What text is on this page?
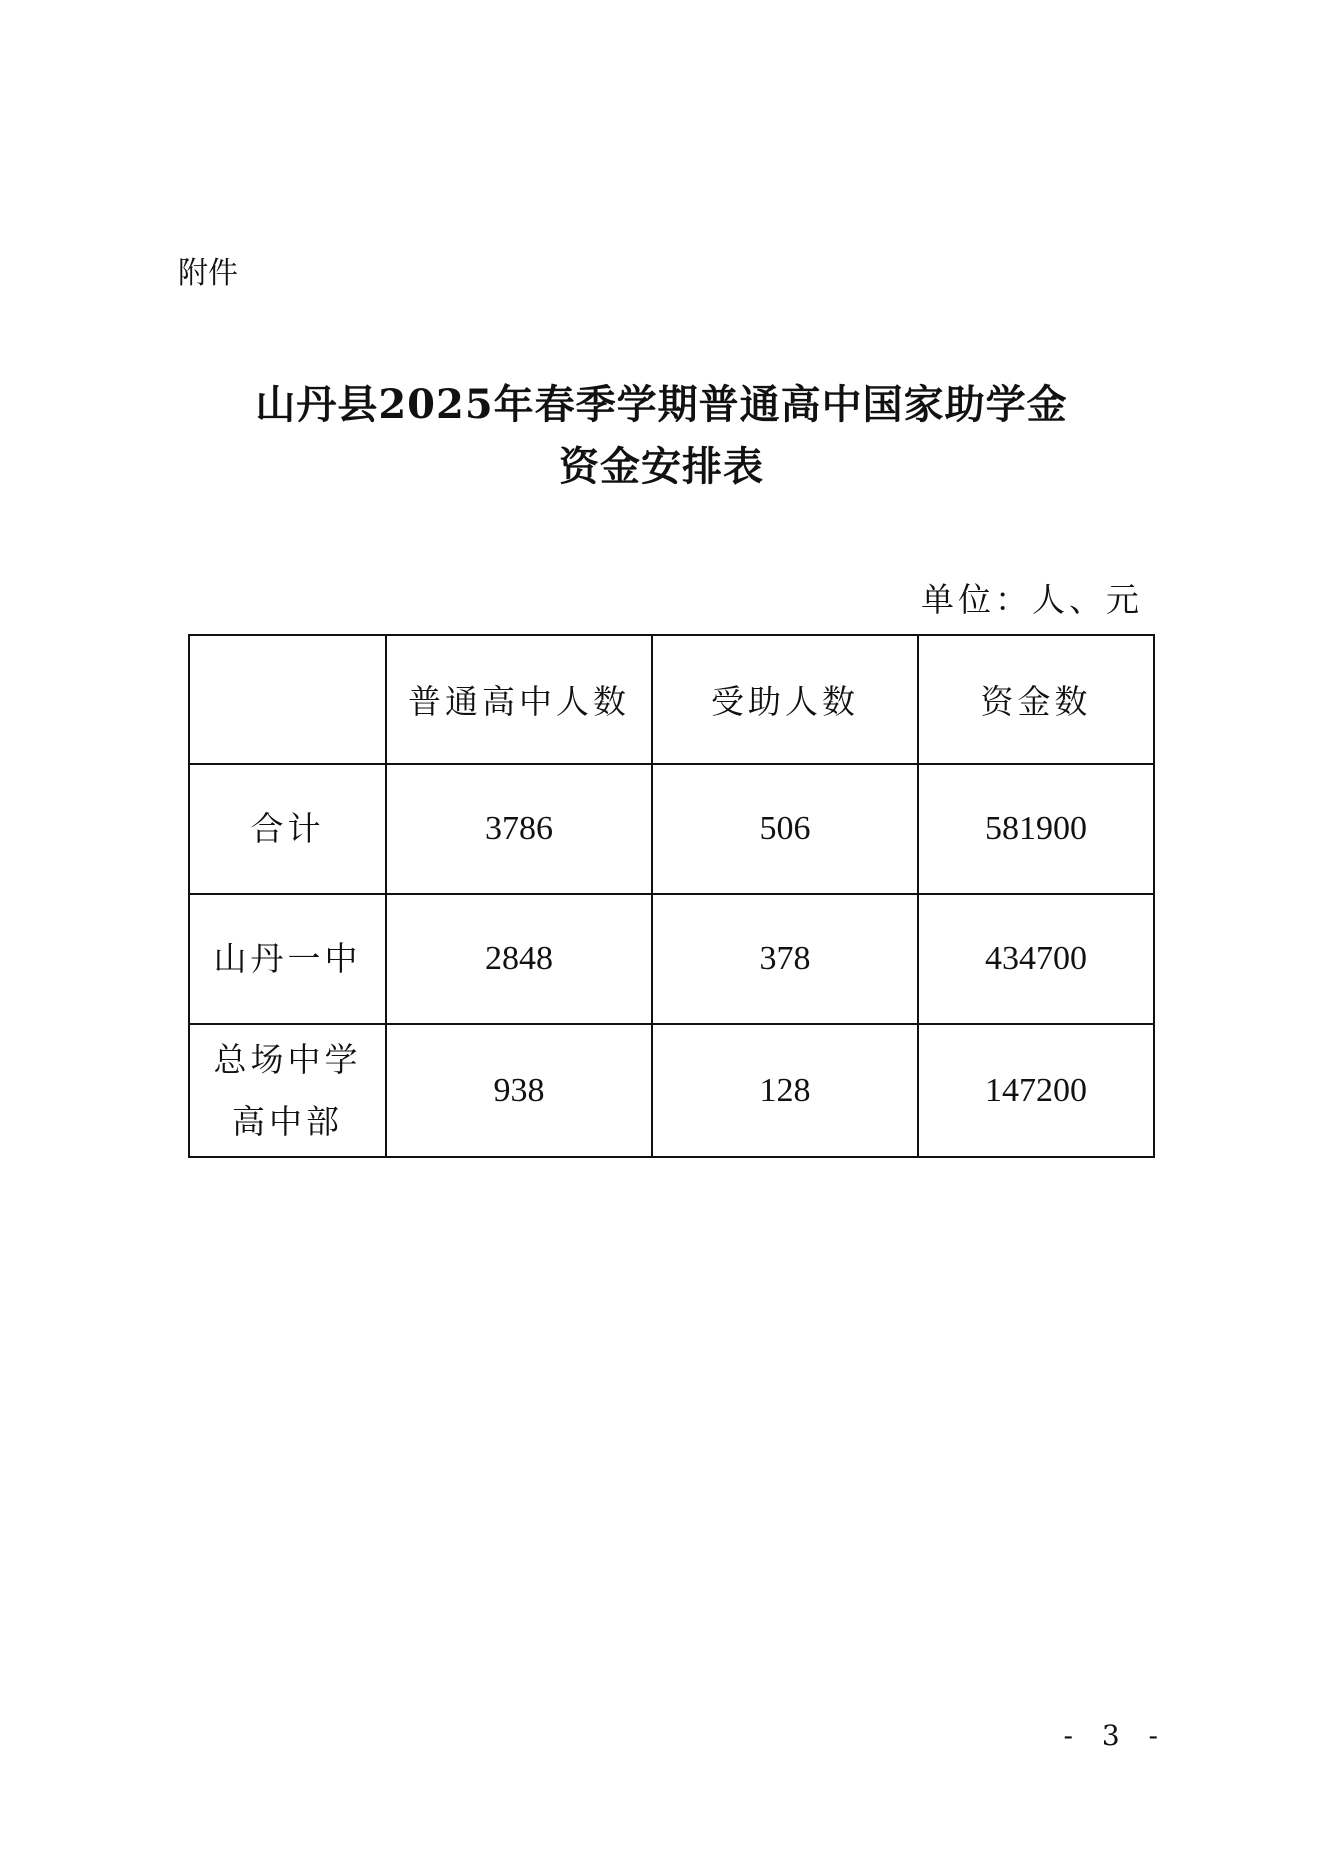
附件
山丹县2025年春季学期普通高中国家助学金
资金安排表
单位：人、元
	普通高中人数	受助人数	资金数
合计	3786	506	581900
山丹一中	2848	378	434700
总场中学
高中部	938	128	147200
- 3 -
